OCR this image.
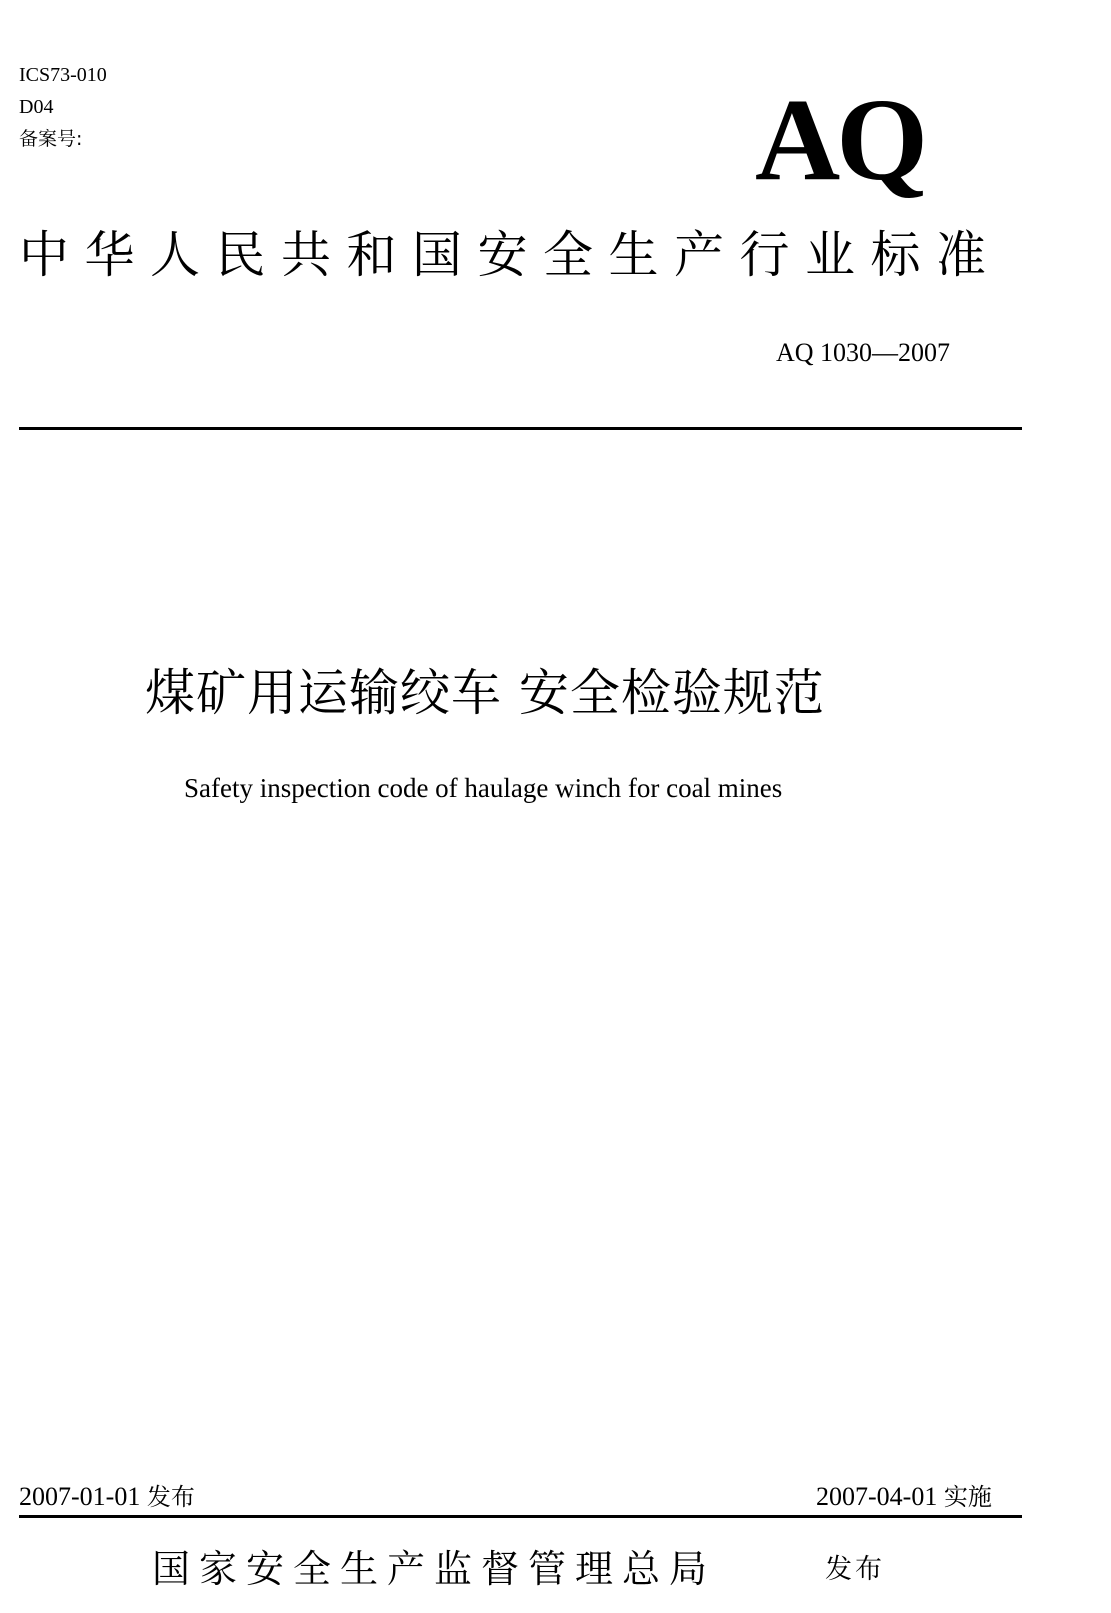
ICS73-010
D04
备案号:	AQ
中华人民共和国安全生产行业标准
AQ 1030—2007
煤矿用运输绞车 安全检验规范
Safety inspection code of haulage winch for coal mines
2007-01-01 发布	2007-04-01 实施
国家安全生产监督管理总局	发布
